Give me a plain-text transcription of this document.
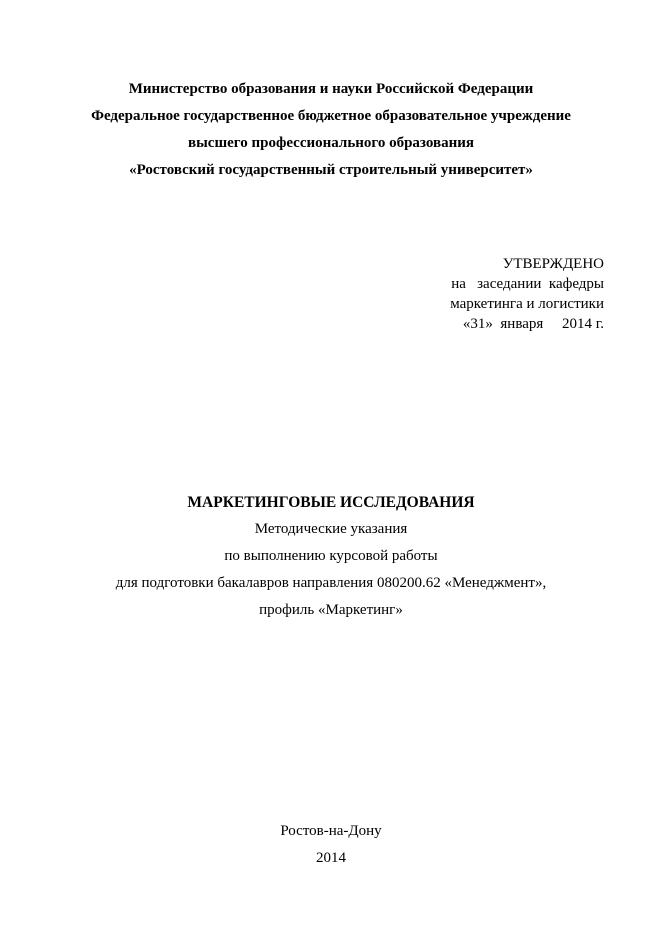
Министерство образования и науки Российской Федерации
Федеральное государственное бюджетное образовательное учреждение
высшего профессионального образования
«Ростовский государственный строительный университет»
УТВЕРЖДЕНО
на   заседании  кафедры
маркетинга и логистики
«31»  января     2014 г.
МАРКЕТИНГОВЫЕ ИССЛЕДОВАНИЯ
Методические указания
по выполнению курсовой работы
для подготовки бакалавров направления 080200.62 «Менеджмент»,
профиль «Маркетинг»
Ростов-на-Дону
2014
